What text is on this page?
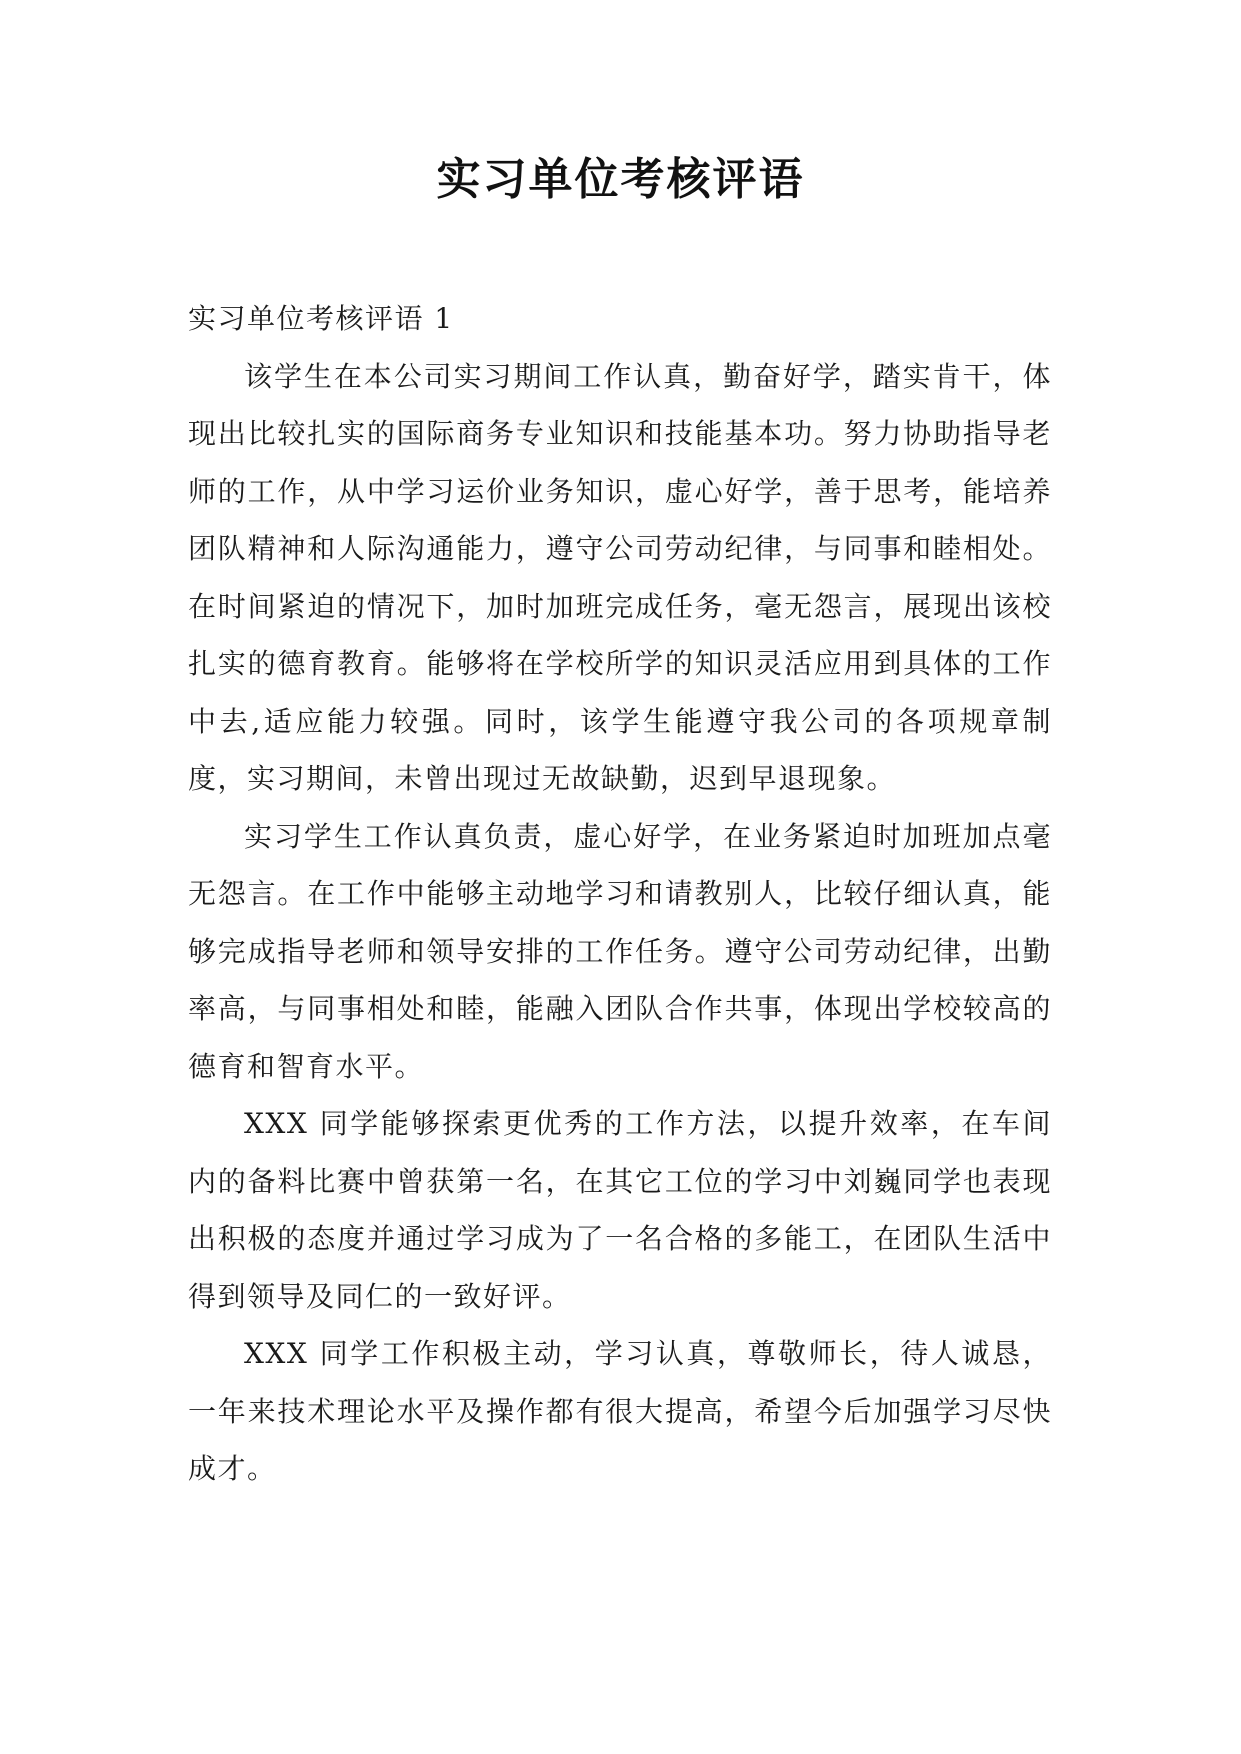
实习单位考核评语

实习单位考核评语 1

该学生在本公司实习期间工作认真，勤奋好学，踏实肯干，体现出比较扎实的国际商务专业知识和技能基本功。努力协助指导老师的工作，从中学习运价业务知识，虚心好学，善于思考，能培养团队精神和人际沟通能力，遵守公司劳动纪律，与同事和睦相处。在时间紧迫的情况下，加时加班完成任务，毫无怨言，展现出该校扎实的德育教育。能够将在学校所学的知识灵活应用到具体的工作中去,适应能力较强。同时，该学生能遵守我公司的各项规章制度，实习期间，未曾出现过无故缺勤，迟到早退现象。

实习学生工作认真负责，虚心好学，在业务紧迫时加班加点毫无怨言。在工作中能够主动地学习和请教别人，比较仔细认真，能够完成指导老师和领导安排的工作任务。遵守公司劳动纪律，出勤率高，与同事相处和睦，能融入团队合作共事，体现出学校较高的德育和智育水平。

XXX 同学能够探索更优秀的工作方法，以提升效率，在车间内的备料比赛中曾获第一名，在其它工位的学习中刘巍同学也表现出积极的态度并通过学习成为了一名合格的多能工，在团队生活中得到领导及同仁的一致好评。

XXX 同学工作积极主动，学习认真，尊敬师长，待人诚恳，一年来技术理论水平及操作都有很大提高，希望今后加强学习尽快成才。
